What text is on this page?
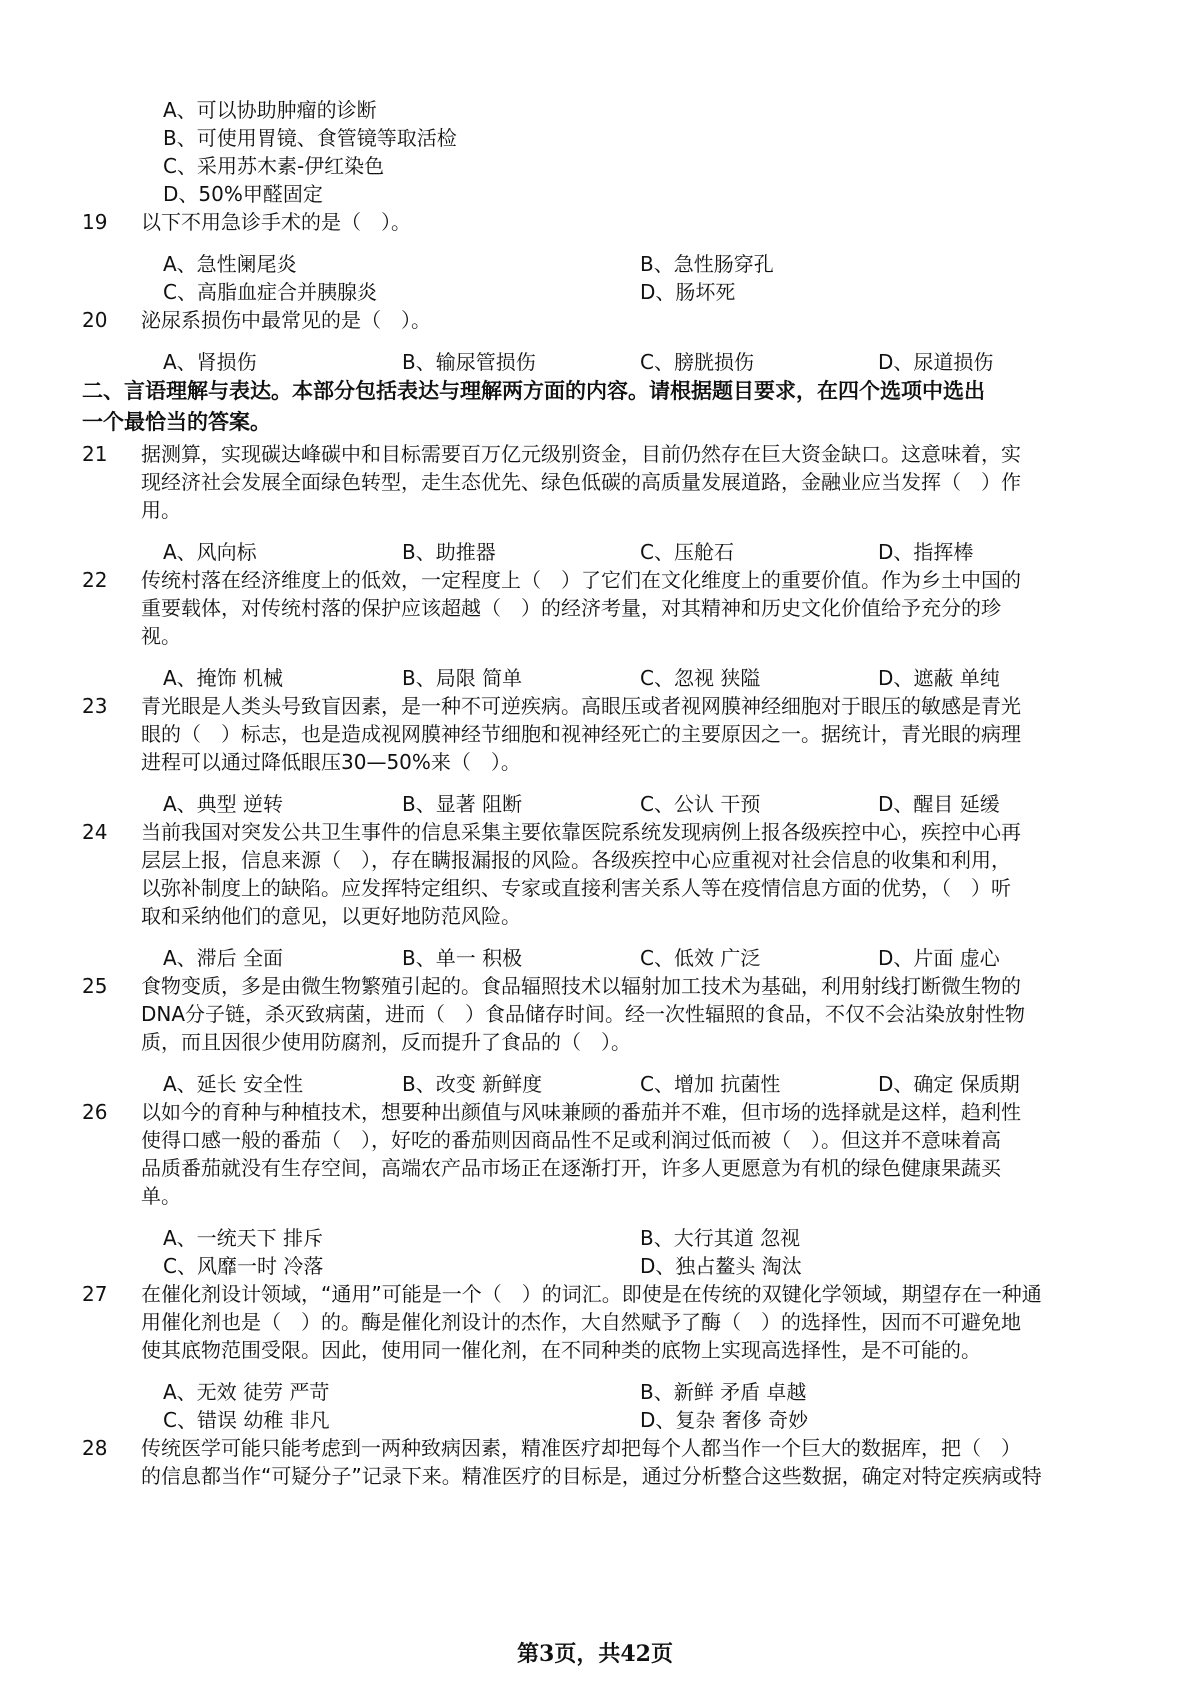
A、可以协助肿瘤的诊断
B、可使用胃镜、食管镜等取活检
C、采用苏木素-伊红染色
D、50%甲醛固定
19 以下不用急诊手术的是（　）。
A、急性阑尾炎	B、急性肠穿孔
C、高脂血症合并胰腺炎	D、肠坏死
20 泌尿系损伤中最常见的是（　）。
A、肾损伤	B、输尿管损伤	C、膀胱损伤	D、尿道损伤
二、言语理解与表达。本部分包括表达与理解两方面的内容。请根据题目要求，在四个选项中选出
一个最恰当的答案。
21 据测算，实现碳达峰碳中和目标需要百万亿元级别资金，目前仍然存在巨大资金缺口。这意味着，实
现经济社会发展全面绿色转型，走生态优先、绿色低碳的高质量发展道路，金融业应当发挥（　）作
用。
A、风向标	B、助推器	C、压舱石	D、指挥棒
22 传统村落在经济维度上的低效，一定程度上（　）了它们在文化维度上的重要价值。作为乡土中国的
重要载体，对传统村落的保护应该超越（　）的经济考量，对其精神和历史文化价值给予充分的珍
视。
A、掩饰 机械	B、局限 简单	C、忽视 狭隘	D、遮蔽 单纯
23 青光眼是人类头号致盲因素，是一种不可逆疾病。高眼压或者视网膜神经细胞对于眼压的敏感是青光
眼的（　）标志，也是造成视网膜神经节细胞和视神经死亡的主要原因之一。据统计，青光眼的病理
进程可以通过降低眼压30—50%来（　）。
A、典型 逆转	B、显著 阻断	C、公认 干预	D、醒目 延缓
24 当前我国对突发公共卫生事件的信息采集主要依靠医院系统发现病例上报各级疾控中心，疾控中心再
层层上报，信息来源（　），存在瞒报漏报的风险。各级疾控中心应重视对社会信息的收集和利用，
以弥补制度上的缺陷。应发挥特定组织、专家或直接利害关系人等在疫情信息方面的优势，（　）听
取和采纳他们的意见，以更好地防范风险。
A、滞后 全面	B、单一 积极	C、低效 广泛	D、片面 虚心
25 食物变质，多是由微生物繁殖引起的。食品辐照技术以辐射加工技术为基础，利用射线打断微生物的
DNA分子链，杀灭致病菌，进而（　）食品储存时间。经一次性辐照的食品，不仅不会沾染放射性物
质，而且因很少使用防腐剂，反而提升了食品的（　）。
A、延长 安全性	B、改变 新鲜度	C、增加 抗菌性	D、确定 保质期
26 以如今的育种与种植技术，想要种出颜值与风味兼顾的番茄并不难，但市场的选择就是这样，趋利性
使得口感一般的番茄（　），好吃的番茄则因商品性不足或利润过低而被（　）。但这并不意味着高
品质番茄就没有生存空间，高端农产品市场正在逐渐打开，许多人更愿意为有机的绿色健康果蔬买
单。
A、一统天下 排斥	B、大行其道 忽视
C、风靡一时 冷落	D、独占鳌头 淘汰
27 在催化剂设计领域，“通用”可能是一个（　）的词汇。即使是在传统的双键化学领域，期望存在一种通
用催化剂也是（　）的。酶是催化剂设计的杰作，大自然赋予了酶（　）的选择性，因而不可避免地
使其底物范围受限。因此，使用同一催化剂，在不同种类的底物上实现高选择性，是不可能的。
A、无效 徒劳 严苛	B、新鲜 矛盾 卓越
C、错误 幼稚 非凡	D、复杂 奢侈 奇妙
28 传统医学可能只能考虑到一两种致病因素，精准医疗却把每个人都当作一个巨大的数据库，把（　）
的信息都当作“可疑分子”记录下来。精准医疗的目标是，通过分析整合这些数据，确定对特定疾病或特
第3页，共42页
